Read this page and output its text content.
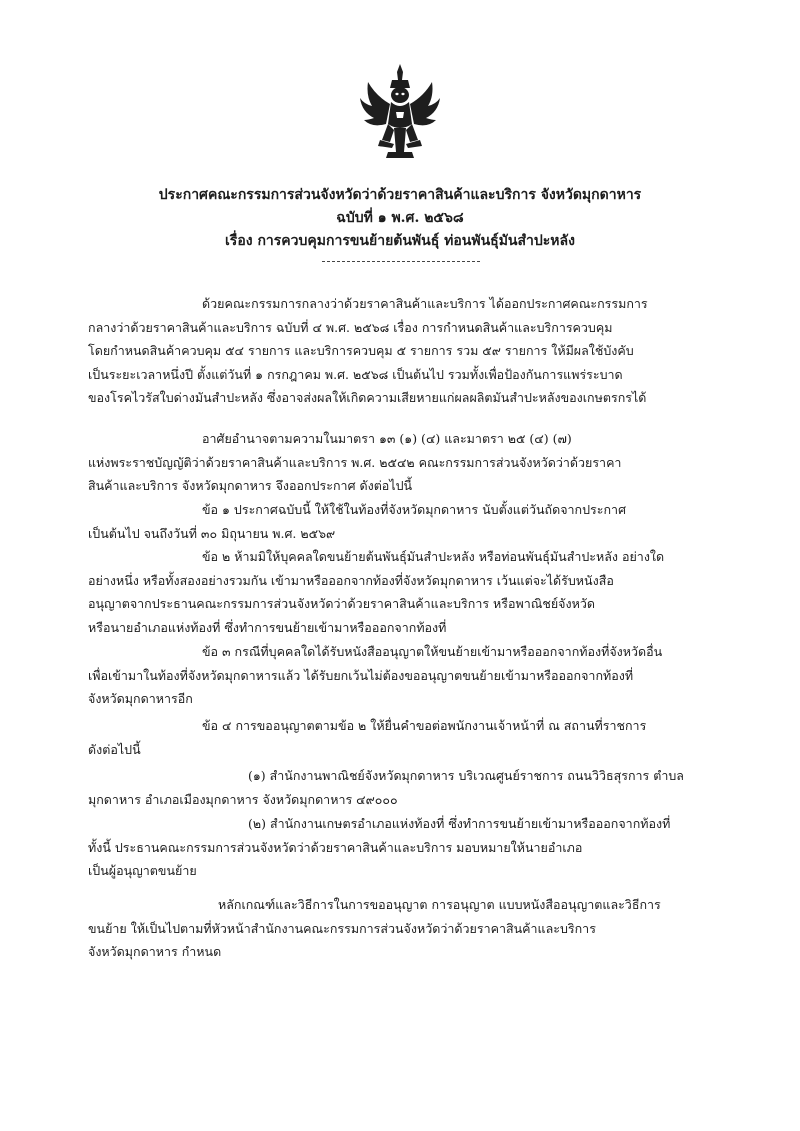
ประกาศคณะกรรมการส่วนจังหวัดว่าด้วยราคาสินค้าและบริการ จังหวัดมุกดาหาร
ฉบับที่ ๑ พ.ศ. ๒๕๖๘
เรื่อง การควบคุมการขนย้ายต้นพันธุ์ ท่อนพันธุ์มันสำปะหลัง
ด้วยคณะกรรมการกลางว่าด้วยราคาสินค้าและบริการ ได้ออกประกาศคณะกรรมการ
กลางว่าด้วยราคาสินค้าและบริการ ฉบับที่ ๔ พ.ศ. ๒๕๖๘ เรื่อง การกำหนดสินค้าและบริการควบคุม
โดยกำหนดสินค้าควบคุม ๕๔ รายการ และบริการควบคุม ๕ รายการ รวม ๕๙ รายการ ให้มีผลใช้บังคับ
เป็นระยะเวลาหนึ่งปี ตั้งแต่วันที่ ๑ กรกฎาคม พ.ศ. ๒๕๖๘ เป็นต้นไป รวมทั้งเพื่อป้องกันการแพร่ระบาด
ของโรคไวรัสใบด่างมันสำปะหลัง ซึ่งอาจส่งผลให้เกิดความเสียหายแก่ผลผลิตมันสำปะหลังของเกษตรกรได้
อาศัยอำนาจตามความในมาตรา ๑๓ (๑) (๔) และมาตรา ๒๕ (๔) (๗)
แห่งพระราชบัญญัติว่าด้วยราคาสินค้าและบริการ พ.ศ. ๒๕๔๒ คณะกรรมการส่วนจังหวัดว่าด้วยราคา
สินค้าและบริการ จังหวัดมุกดาหาร จึงออกประกาศ ดังต่อไปนี้
ข้อ ๑ ประกาศฉบับนี้ ให้ใช้ในท้องที่จังหวัดมุกดาหาร นับตั้งแต่วันถัดจากประกาศ
เป็นต้นไป จนถึงวันที่ ๓๐ มิถุนายน พ.ศ. ๒๕๖๙
ข้อ ๒ ห้ามมิให้บุคคลใดขนย้ายต้นพันธุ์มันสำปะหลัง หรือท่อนพันธุ์มันสำปะหลัง อย่างใด
อย่างหนึ่ง หรือทั้งสองอย่างรวมกัน เข้ามาหรือออกจากท้องที่จังหวัดมุกดาหาร เว้นแต่จะได้รับหนังสือ
อนุญาตจากประธานคณะกรรมการส่วนจังหวัดว่าด้วยราคาสินค้าและบริการ หรือพาณิชย์จังหวัด
หรือนายอำเภอแห่งท้องที่ ซึ่งทำการขนย้ายเข้ามาหรือออกจากท้องที่
ข้อ ๓ กรณีที่บุคคลใดได้รับหนังสืออนุญาตให้ขนย้ายเข้ามาหรือออกจากท้องที่จังหวัดอื่น
เพื่อเข้ามาในท้องที่จังหวัดมุกดาหารแล้ว ได้รับยกเว้นไม่ต้องขออนุญาตขนย้ายเข้ามาหรือออกจากท้องที่
จังหวัดมุกดาหารอีก
ข้อ ๔ การขออนุญาตตามข้อ ๒ ให้ยื่นคำขอต่อพนักงานเจ้าหน้าที่ ณ สถานที่ราชการ
ดังต่อไปนี้
(๑) สำนักงานพาณิชย์จังหวัดมุกดาหาร บริเวณศูนย์ราชการ ถนนวิวิธสุรการ ตำบล
มุกดาหาร อำเภอเมืองมุกดาหาร จังหวัดมุกดาหาร ๔๙๐๐๐
(๒) สำนักงานเกษตรอำเภอแห่งท้องที่ ซึ่งทำการขนย้ายเข้ามาหรือออกจากท้องที่
ทั้งนี้ ประธานคณะกรรมการส่วนจังหวัดว่าด้วยราคาสินค้าและบริการ มอบหมายให้นายอำเภอ
เป็นผู้อนุญาตขนย้าย
หลักเกณฑ์และวิธีการในการขออนุญาต การอนุญาต แบบหนังสืออนุญาตและวิธีการ
ขนย้าย ให้เป็นไปตามที่หัวหน้าสำนักงานคณะกรรมการส่วนจังหวัดว่าด้วยราคาสินค้าและบริการ
จังหวัดมุกดาหาร กำหนด
